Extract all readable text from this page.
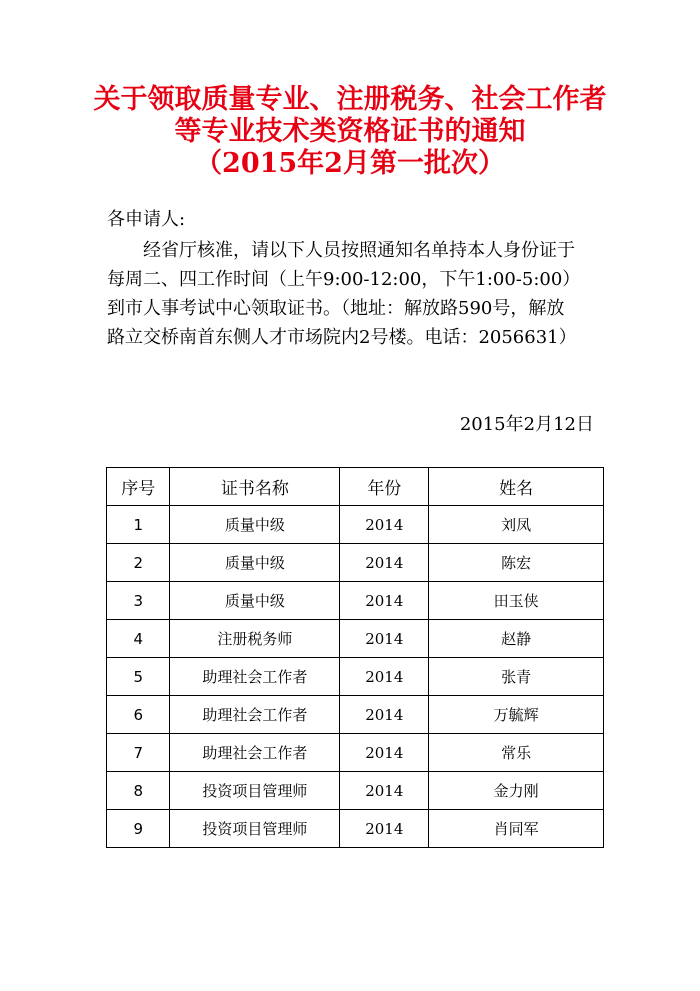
关于领取质量专业、注册税务、社会工作者
等专业技术类资格证书的通知
（2015年2月第一批次）
各申请人:
经省厅核准，请以下人员按照通知名单持本人身份证于
每周二、四工作时间（上午9:00-12:00，下午1:00-5:00）
到市人事考试中心领取证书。（地址：解放路590号，解放
路立交桥南首东侧人才市场院内2号楼。电话：2056631）
2015年2月12日
序号	证书名称	年份	姓名
1	质量中级	2014	刘凤
2	质量中级	2014	陈宏
3	质量中级	2014	田玉侠
4	注册税务师	2014	赵静
5	助理社会工作者	2014	张青
6	助理社会工作者	2014	万毓辉
7	助理社会工作者	2014	常乐
8	投资项目管理师	2014	金力刚
9	投资项目管理师	2014	肖同军
